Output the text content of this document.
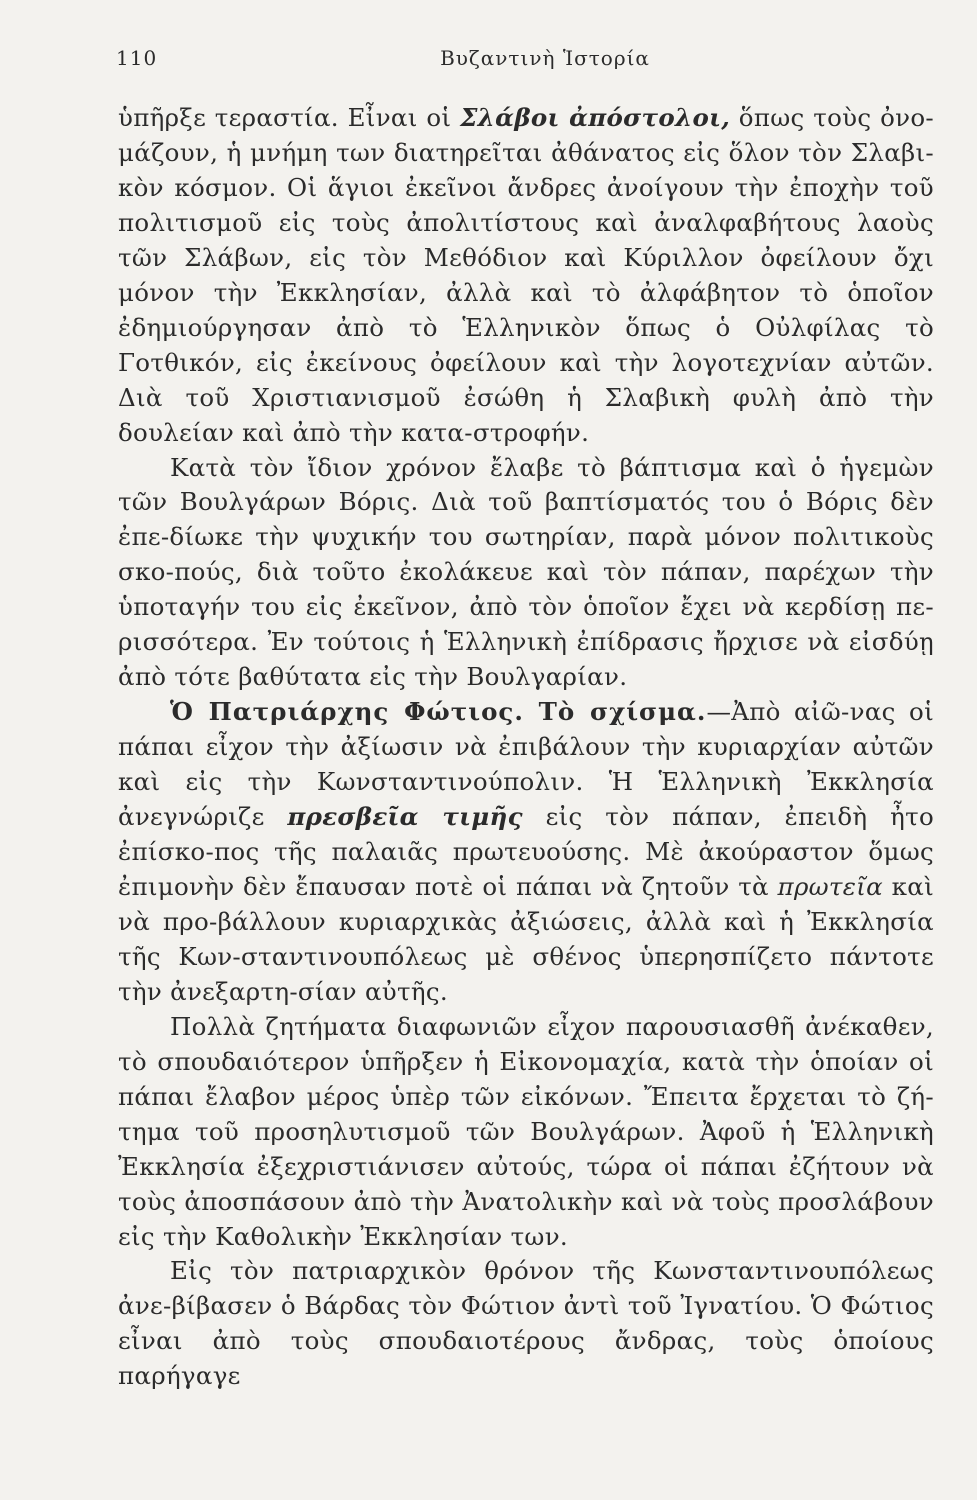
110	Βυζαντινὴ Ἱστορία

ὑπῆρξε τεραστία. Εἶναι οἱ Σλάβοι ἀπόστολοι, ὅπως τοὺς ὀνο-μάζουν, ἡ μνήμη των διατηρεῖται ἀθάνατος εἰς ὅλον τὸν Σλαβι-κὸν κόσμον. Οἱ ἅγιοι ἐκεῖνοι ἄνδρες ἀνοίγουν τὴν ἐποχὴν τοῦ πολιτισμοῦ εἰς τοὺς ἀπολιτίστους καὶ ἀναλφαβήτους λαοὺς τῶν Σλάβων, εἰς τὸν Μεθόδιον καὶ Κύριλλον ὀφείλουν ὄχι μόνον τὴν Ἐκκλησίαν, ἀλλὰ καὶ τὸ ἀλφάβητον τὸ ὁποῖον ἐδημιούργησαν ἀπὸ τὸ Ἑλληνικὸν ὅπως ὁ Οὐλφίλας τὸ Γοτθικόν, εἰς ἐκείνους ὀφείλουν καὶ τὴν λογοτεχνίαν αὐτῶν. Διὰ τοῦ Χριστιανισμοῦ ἐσώθη ἡ Σλαβικὴ φυλὴ ἀπὸ τὴν δουλείαν καὶ ἀπὸ τὴν κατα-στροφήν.

Κατὰ τὸν ἴδιον χρόνον ἔλαβε τὸ βάπτισμα καὶ ὁ ἡγεμὼν τῶν Βουλγάρων Βόρις. Διὰ τοῦ βαπτίσματός του ὁ Βόρις δὲν ἐπε-δίωκε τὴν ψυχικήν του σωτηρίαν, παρὰ μόνον πολιτικοὺς σκο-πούς, διὰ τοῦτο ἐκολάκευε καὶ τὸν πάπαν, παρέχων τὴν ὑποταγήν του εἰς ἐκεῖνον, ἀπὸ τὸν ὁποῖον ἔχει νὰ κερδίσῃ πε-ρισσότερα. Ἐν τούτοις ἡ Ἑλληνικὴ ἐπίδρασις ἤρχισε νὰ εἰσδύῃ ἀπὸ τότε βαθύτατα εἰς τὴν Βουλγαρίαν.

Ὁ Πατριάρχης Φώτιος. Τὸ σχίσμα.—Ἀπὸ αἰῶ-νας οἱ πάπαι εἶχον τὴν ἀξίωσιν νὰ ἐπιβάλουν τὴν κυριαρχίαν αὐτῶν καὶ εἰς τὴν Κωνσταντινούπολιν. Ἡ Ἑλληνικὴ Ἐκκλησία ἀνεγνώριζε πρεσβεῖα τιμῆς εἰς τὸν πάπαν, ἐπειδὴ ἦτο ἐπίσκο-πος τῆς παλαιᾶς πρωτευούσης. Μὲ ἀκούραστον ὅμως ἐπιμονὴν δὲν ἔπαυσαν ποτὲ οἱ πάπαι νὰ ζητοῦν τὰ πρωτεῖα καὶ νὰ προ-βάλλουν κυριαρχικὰς ἀξιώσεις, ἀλλὰ καὶ ἡ Ἐκκλησία τῆς Κων-σταντινουπόλεως μὲ σθένος ὑπερησπίζετο πάντοτε τὴν ἀνεξαρτη-σίαν αὐτῆς.

Πολλὰ ζητήματα διαφωνιῶν εἶχον παρουσιασθῆ ἀνέκαθεν, τὸ σπουδαιότερον ὑπῆρξεν ἡ Εἰκονομαχία, κατὰ τὴν ὁποίαν οἱ πάπαι ἔλαβον μέρος ὑπὲρ τῶν εἰκόνων. Ἔπειτα ἔρχεται τὸ ζή-τημα τοῦ προσηλυτισμοῦ τῶν Βουλγάρων. Ἀφοῦ ἡ Ἑλληνικὴ Ἐκκλησία ἐξεχριστιάνισεν αὐτούς, τώρα οἱ πάπαι ἐζήτουν νὰ τοὺς ἀποσπάσουν ἀπὸ τὴν Ἀνατολικὴν καὶ νὰ τοὺς προσλάβουν εἰς τὴν Καθολικὴν Ἐκκλησίαν των.

Εἰς τὸν πατριαρχικὸν θρόνον τῆς Κωνσταντινουπόλεως ἀνε-βίβασεν ὁ Βάρδας τὸν Φώτιον ἀντὶ τοῦ Ἰγνατίου. Ὁ Φώτιος εἶναι ἀπὸ τοὺς σπουδαιοτέρους ἄνδρας, τοὺς ὁποίους παρήγαγε
